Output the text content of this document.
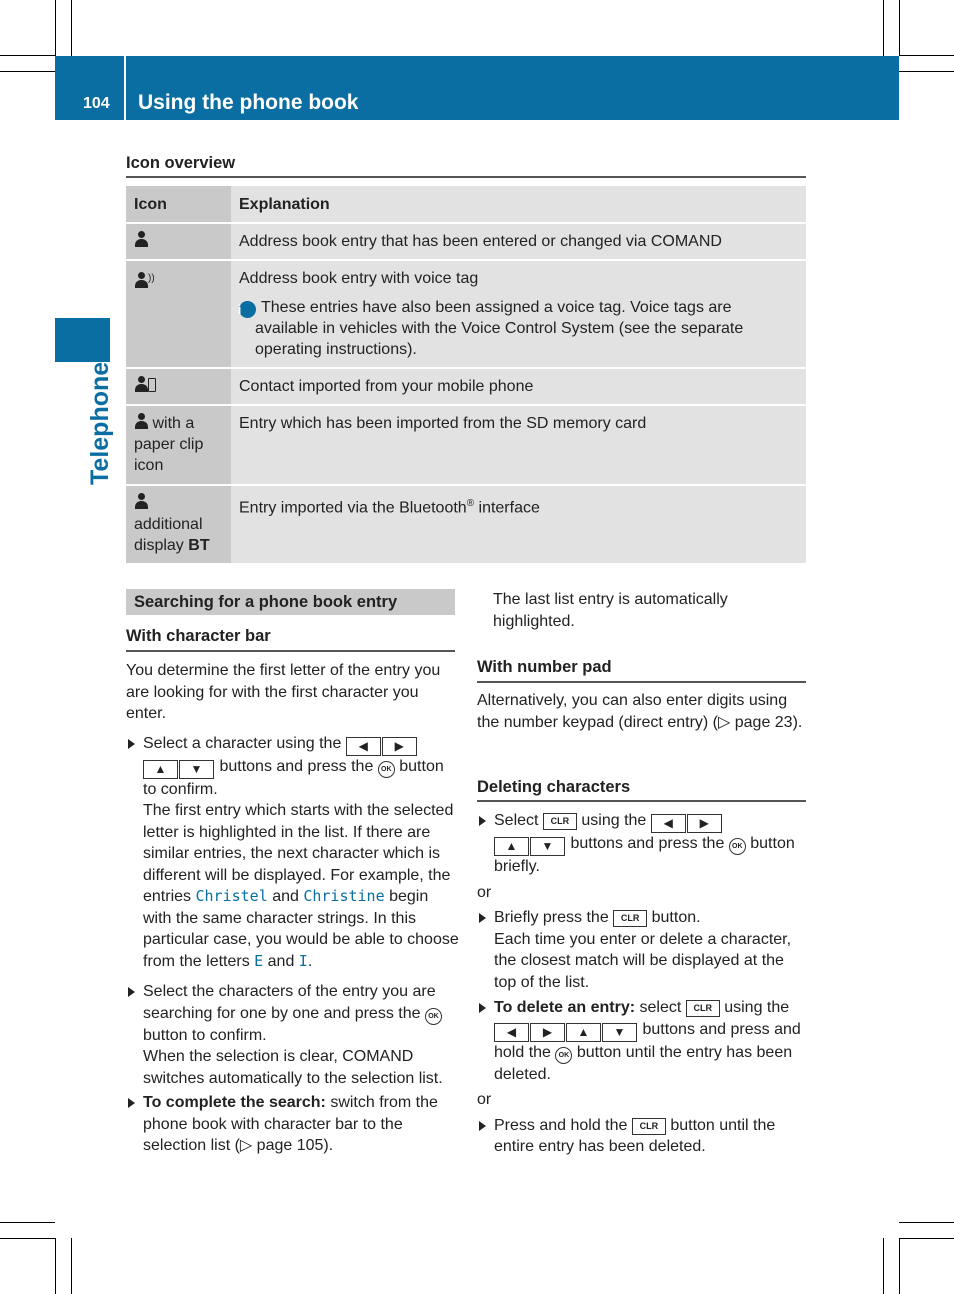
104 Using the phone book
Telephone
Icon overview
Icon	Explanation
	Address book entry that has been entered or changed via COMAND
))	Address book entry with voice tag
i These entries have also been assigned a voice tag. Voice tags are available in vehicles with the Voice Control System (see the separate operating instructions).

	Contact imported from your mobile phone
with a paper clip icon	Entry which has been imported from the SD memory card

additional display BT	Entry imported via the Bluetooth® interface
Searching for a phone book entry
With character bar

You determine the first letter of the entry you are looking for with the first character you enter.

Select a character using the ◀ ▶
▲ ▼ buttons and press the OK button to confirm.
The first entry which starts with the selected letter is highlighted in the list. If there are similar entries, the next character which is different will be displayed. For example, the entries Christel and Christine begin with the same character strings. In this particular case, you would be able to choose from the letters E and I.

Select the characters of the entry you are searching for one by one and press the OK button to confirm.
When the selection is clear, COMAND switches automatically to the selection list.

To complete the search: switch from the phone book with character bar to the selection list (▷ page 105).

The last list entry is automatically highlighted.
With number pad
Alternatively, you can also enter digits using the number keypad (direct entry) (▷ page 23).
Deleting characters

Select CLR using the ◀ ▶
▲ ▼ buttons and press the OK button briefly.

or

Briefly press the CLR button.
Each time you enter or delete a character, the closest match will be displayed at the top of the list.

To delete an entry: select CLR using the
◀ ▶ ▲ ▼ buttons and press and hold the OK button until the entry has been deleted.

or

Press and hold the CLR button until the entire entry has been deleted.
